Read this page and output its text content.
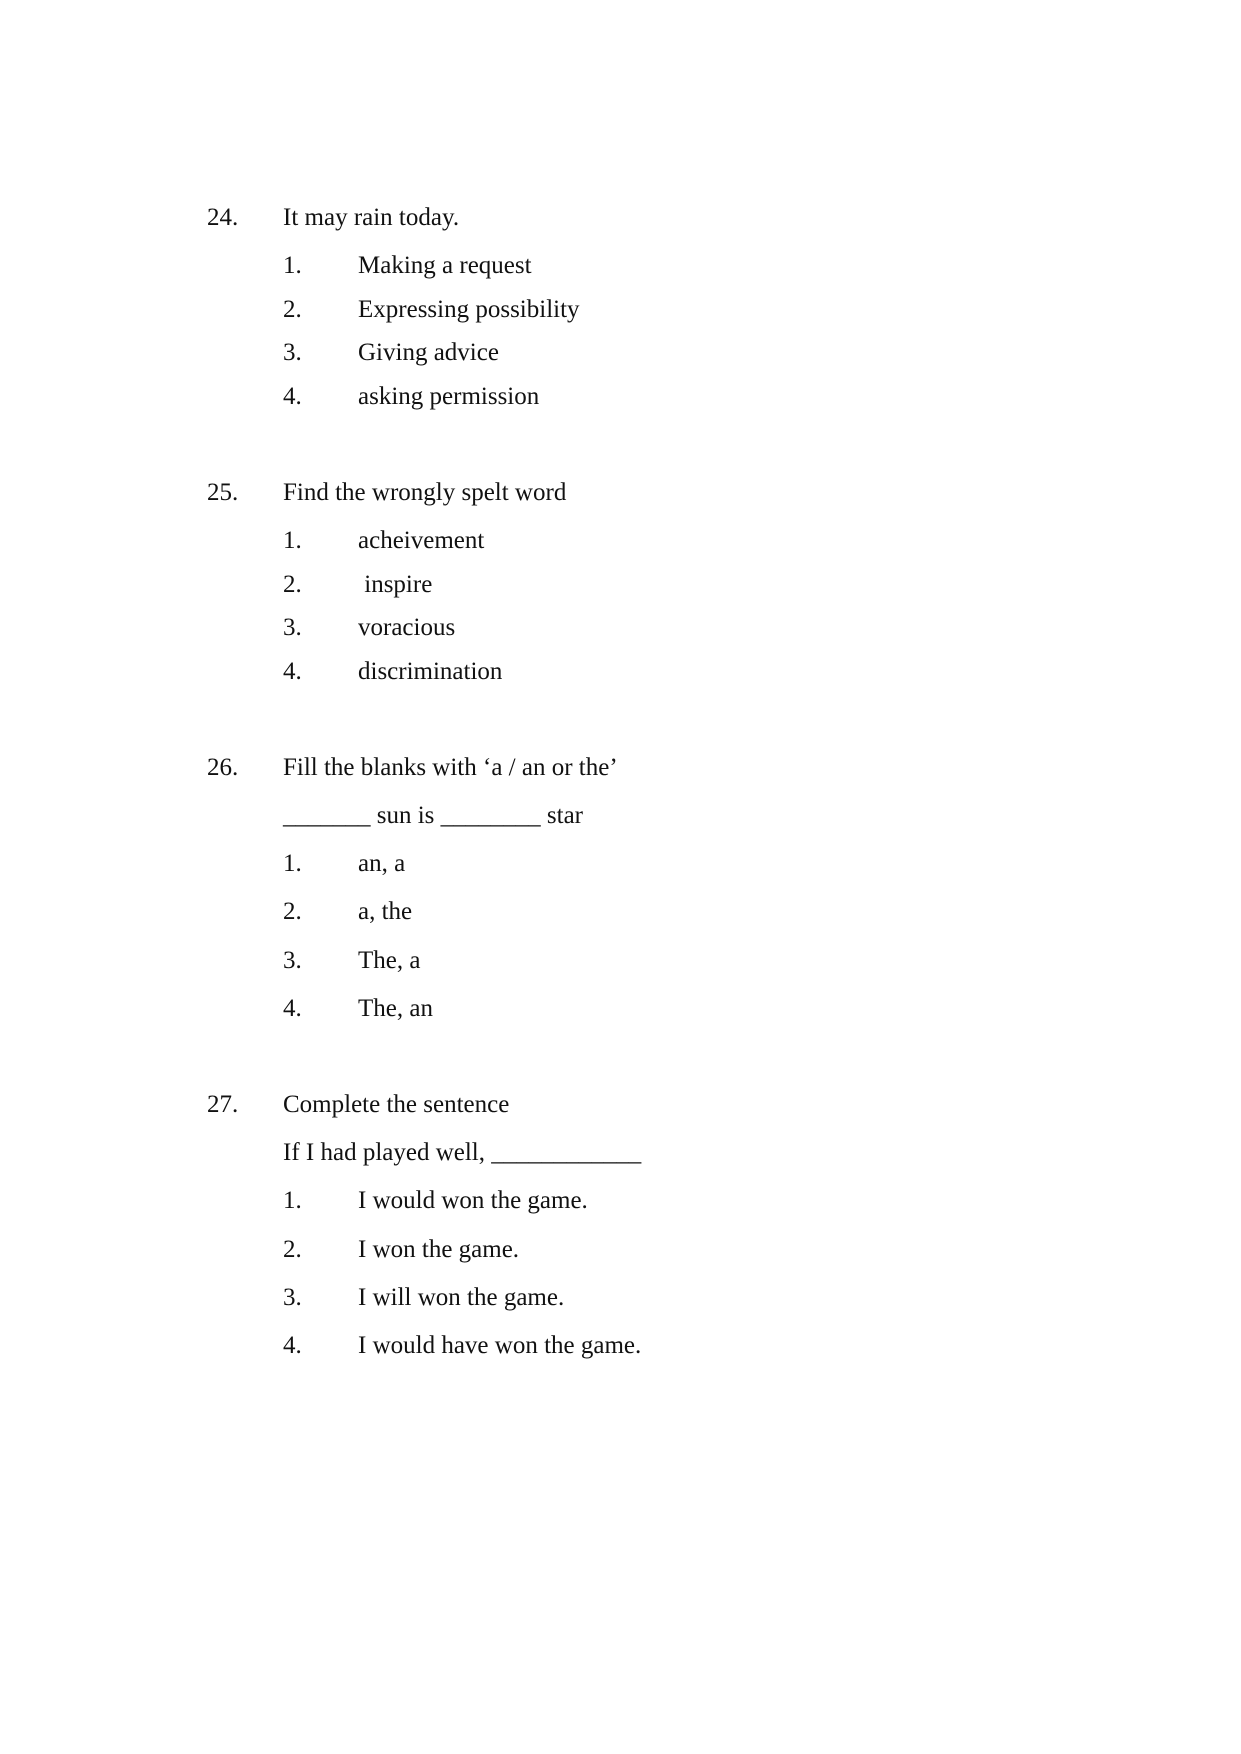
24. It may rain today.
1. Making a request
2. Expressing possibility
3. Giving advice
4. asking permission
25. Find the wrongly spelt word
1. acheivement
2. inspire
3. voracious
4. discrimination
26. Fill the blanks with ‘a / an or the’
_______ sun is ________ star
1. an, a
2. a, the
3. The, a
4. The, an
27. Complete the sentence
If I had played well, ____________
1. I would won the game.
2. I won the game.
3. I will won the game.
4. I would have won the game.
